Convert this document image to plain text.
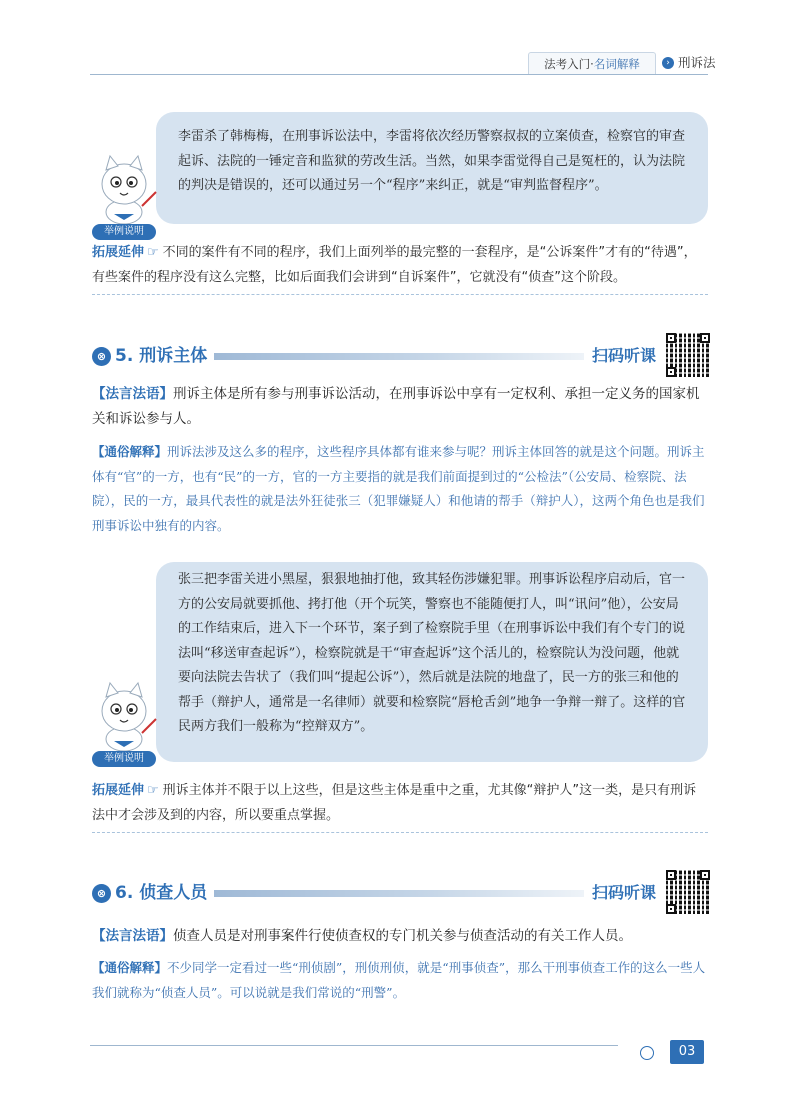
法考入门·名词解释	› 刑诉法

李雷杀了韩梅梅，在刑事诉讼法中，李雷将依次经历警察叔叔的立案侦查，检察官的审查起诉、法院的一锤定音和监狱的劳改生活。当然，如果李雷觉得自己是冤枉的，认为法院的判决是错误的，还可以通过另一个“程序”来纠正，就是“审判监督程序”。

举例说明
拓展延伸 ☞ 不同的案件有不同的程序，我们上面列举的最完整的一套程序，是“公诉案件”才有的“待遇”，有些案件的程序没有这么完整，比如后面我们会讲到“自诉案件”，它就没有“侦查”这个阶段。
⊗ 5. 刑诉主体	扫码听课
【法言法语】刑诉主体是所有参与刑事诉讼活动，在刑事诉讼中享有一定权利、承担一定义务的国家机关和诉讼参与人。
【通俗解释】刑诉法涉及这么多的程序，这些程序具体都有谁来参与呢？刑诉主体回答的就是这个问题。刑诉主体有“官”的一方，也有“民”的一方，官的一方主要指的就是我们前面提到过的“公检法”（公安局、检察院、法院），民的一方，最具代表性的就是法外狂徒张三（犯罪嫌疑人）和他请的帮手（辩护人），这两个角色也是我们刑事诉讼中独有的内容。

张三把李雷关进小黑屋，狠狠地抽打他，致其轻伤涉嫌犯罪。刑事诉讼程序启动后，官一方的公安局就要抓他、拷打他（开个玩笑，警察也不能随便打人，叫“讯问”他），公安局的工作结束后，进入下一个环节，案子到了检察院手里（在刑事诉讼中我们有个专门的说法叫“移送审查起诉”），检察院就是干“审查起诉”这个活儿的，检察院认为没问题，他就要向法院去告状了（我们叫“提起公诉”），然后就是法院的地盘了，民一方的张三和他的帮手（辩护人，通常是一名律师）就要和检察院“唇枪舌剑”地争一争辩一辩了。这样的官民两方我们一般称为“控辩双方”。

举例说明
拓展延伸 ☞ 刑诉主体并不限于以上这些，但是这些主体是重中之重，尤其像“辩护人”这一类，是只有刑诉法中才会涉及到的内容，所以要重点掌握。
⊗ 6. 侦查人员	扫码听课
【法言法语】侦查人员是对刑事案件行使侦查权的专门机关参与侦查活动的有关工作人员。
【通俗解释】不少同学一定看过一些“刑侦剧”，刑侦刑侦，就是“刑事侦查”，那么干刑事侦查工作的这么一些人我们就称为“侦查人员”。可以说就是我们常说的“刑警”。
03
